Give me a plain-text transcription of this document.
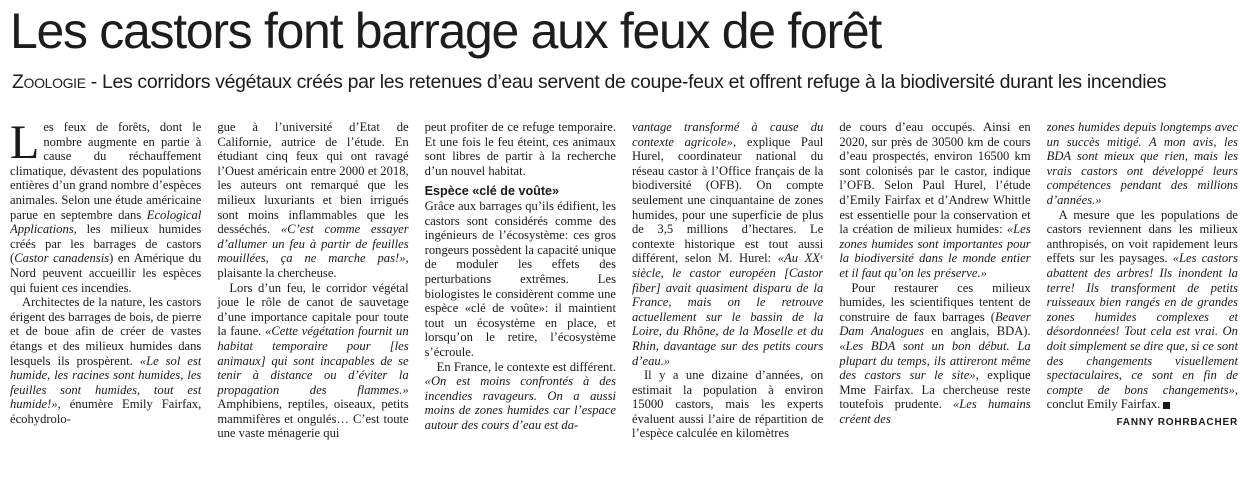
Les castors font barrage aux feux de forêt
Zoologie - Les corridors végétaux créés par les retenues d’eau servent de coupe-feux et offrent refuge à la biodiversité durant les incendies

Les feux de forêts, dont le nombre augmente en partie à cause du réchauffement climatique, dévastent des populations entières d’un grand nombre d’espèces animales. Selon une étude américaine parue en septembre dans Ecological Applications, les milieux humides créés par les barrages de castors (Castor canadensis) en Amérique du Nord peuvent accueillir les espèces qui fuient ces incendies.

Architectes de la nature, les castors érigent des barrages de bois, de pierre et de boue afin de créer de vastes étangs et des milieux humides dans lesquels ils prospèrent. «Le sol est humide, les racines sont humides, les feuilles sont humides, tout est humide!», énumère Emily Fairfax, écohydrolo-

gue à l’université d’Etat de Californie, autrice de l’étude. En étudiant cinq feux qui ont ravagé l’Ouest américain entre 2000 et 2018, les auteurs ont remarqué que les milieux luxuriants et bien irrigués sont moins inflammables que les desséchés. «C’est comme essayer d’allumer un feu à partir de feuilles mouillées, ça ne marche pas!», plaisante la chercheuse.

Lors d’un feu, le corridor végétal joue le rôle de canot de sauvetage d’une importance capitale pour toute la faune. «Cette végétation fournit un habitat temporaire pour [les animaux] qui sont incapables de se tenir à distance ou d’éviter la propagation des flammes.» Amphibiens, reptiles, oiseaux, petits mammifères et ongulés… C’est toute une vaste ménagerie qui

peut profiter de ce refuge temporaire. Et une fois le feu éteint, ces animaux sont libres de partir à la recherche d’un nouvel habitat.

Espèce «clé de voûte»

Grâce aux barrages qu’ils édifient, les castors sont considérés comme des ingénieurs de l’écosystème: ces gros rongeurs possèdent la capacité unique de moduler les effets des perturbations extrêmes. Les biologistes le considèrent comme une espèce «clé de voûte»: il maintient tout un écosystème en place, et lorsqu’on le retire, l’écosystème s’écroule.

En France, le contexte est différent. «On est moins confrontés à des incendies ravageurs. On a aussi moins de zones humides car l’espace autour des cours d’eau est da-

vantage transformé à cause du contexte agricole», explique Paul Hurel, coordinateur national du réseau castor à l’Office français de la biodiversité (OFB). On compte seulement une cinquantaine de zones humides, pour une superficie de plus de 3,5 millions d’hectares. Le contexte historique est tout aussi différent, selon M. Hurel: «Au XXᵉ siècle, le castor européen [Castor fiber] avait quasiment disparu de la France, mais on le retrouve actuellement sur le bassin de la Loire, du Rhône, de la Moselle et du Rhin, davantage sur des petits cours d’eau.»

Il y a une dizaine d’années, on estimait la population à environ 15000 castors, mais les experts évaluent aussi l’aire de répartition de l’espèce calculée en kilomètres

de cours d’eau occupés. Ainsi en 2020, sur près de 30500 km de cours d’eau prospectés, environ 16500 km sont colonisés par le castor, indique l’OFB. Selon Paul Hurel, l’étude d’Emily Fairfax et d’Andrew Whittle est essentielle pour la conservation et la création de milieux humides: «Les zones humides sont importantes pour la biodiversité dans le monde entier et il faut qu’on les préserve.»

Pour restaurer ces milieux humides, les scientifiques tentent de construire de faux barrages (Beaver Dam Analogues en anglais, BDA). «Les BDA sont un bon début. La plupart du temps, ils attireront même des castors sur le site», explique Mme Fairfax. La chercheuse reste toutefois prudente. «Les humains créent des

zones humides depuis longtemps avec un succès mitigé. A mon avis, les BDA sont mieux que rien, mais les vrais castors ont développé leurs compétences pendant des millions d’années.»

A mesure que les populations de castors reviennent dans les milieux anthropisés, on voit rapidement leurs effets sur les paysages. «Les castors abattent des arbres! Ils inondent la terre! Ils transforment de petits ruisseaux bien rangés en de grandes zones humides complexes et désordonnées! Tout cela est vrai. On doit simplement se dire que, si ce sont des changements visuellement spectaculaires, ce sont en fin de compte de bons changements», conclut Emily Fairfax.

FANNY ROHRBACHER
